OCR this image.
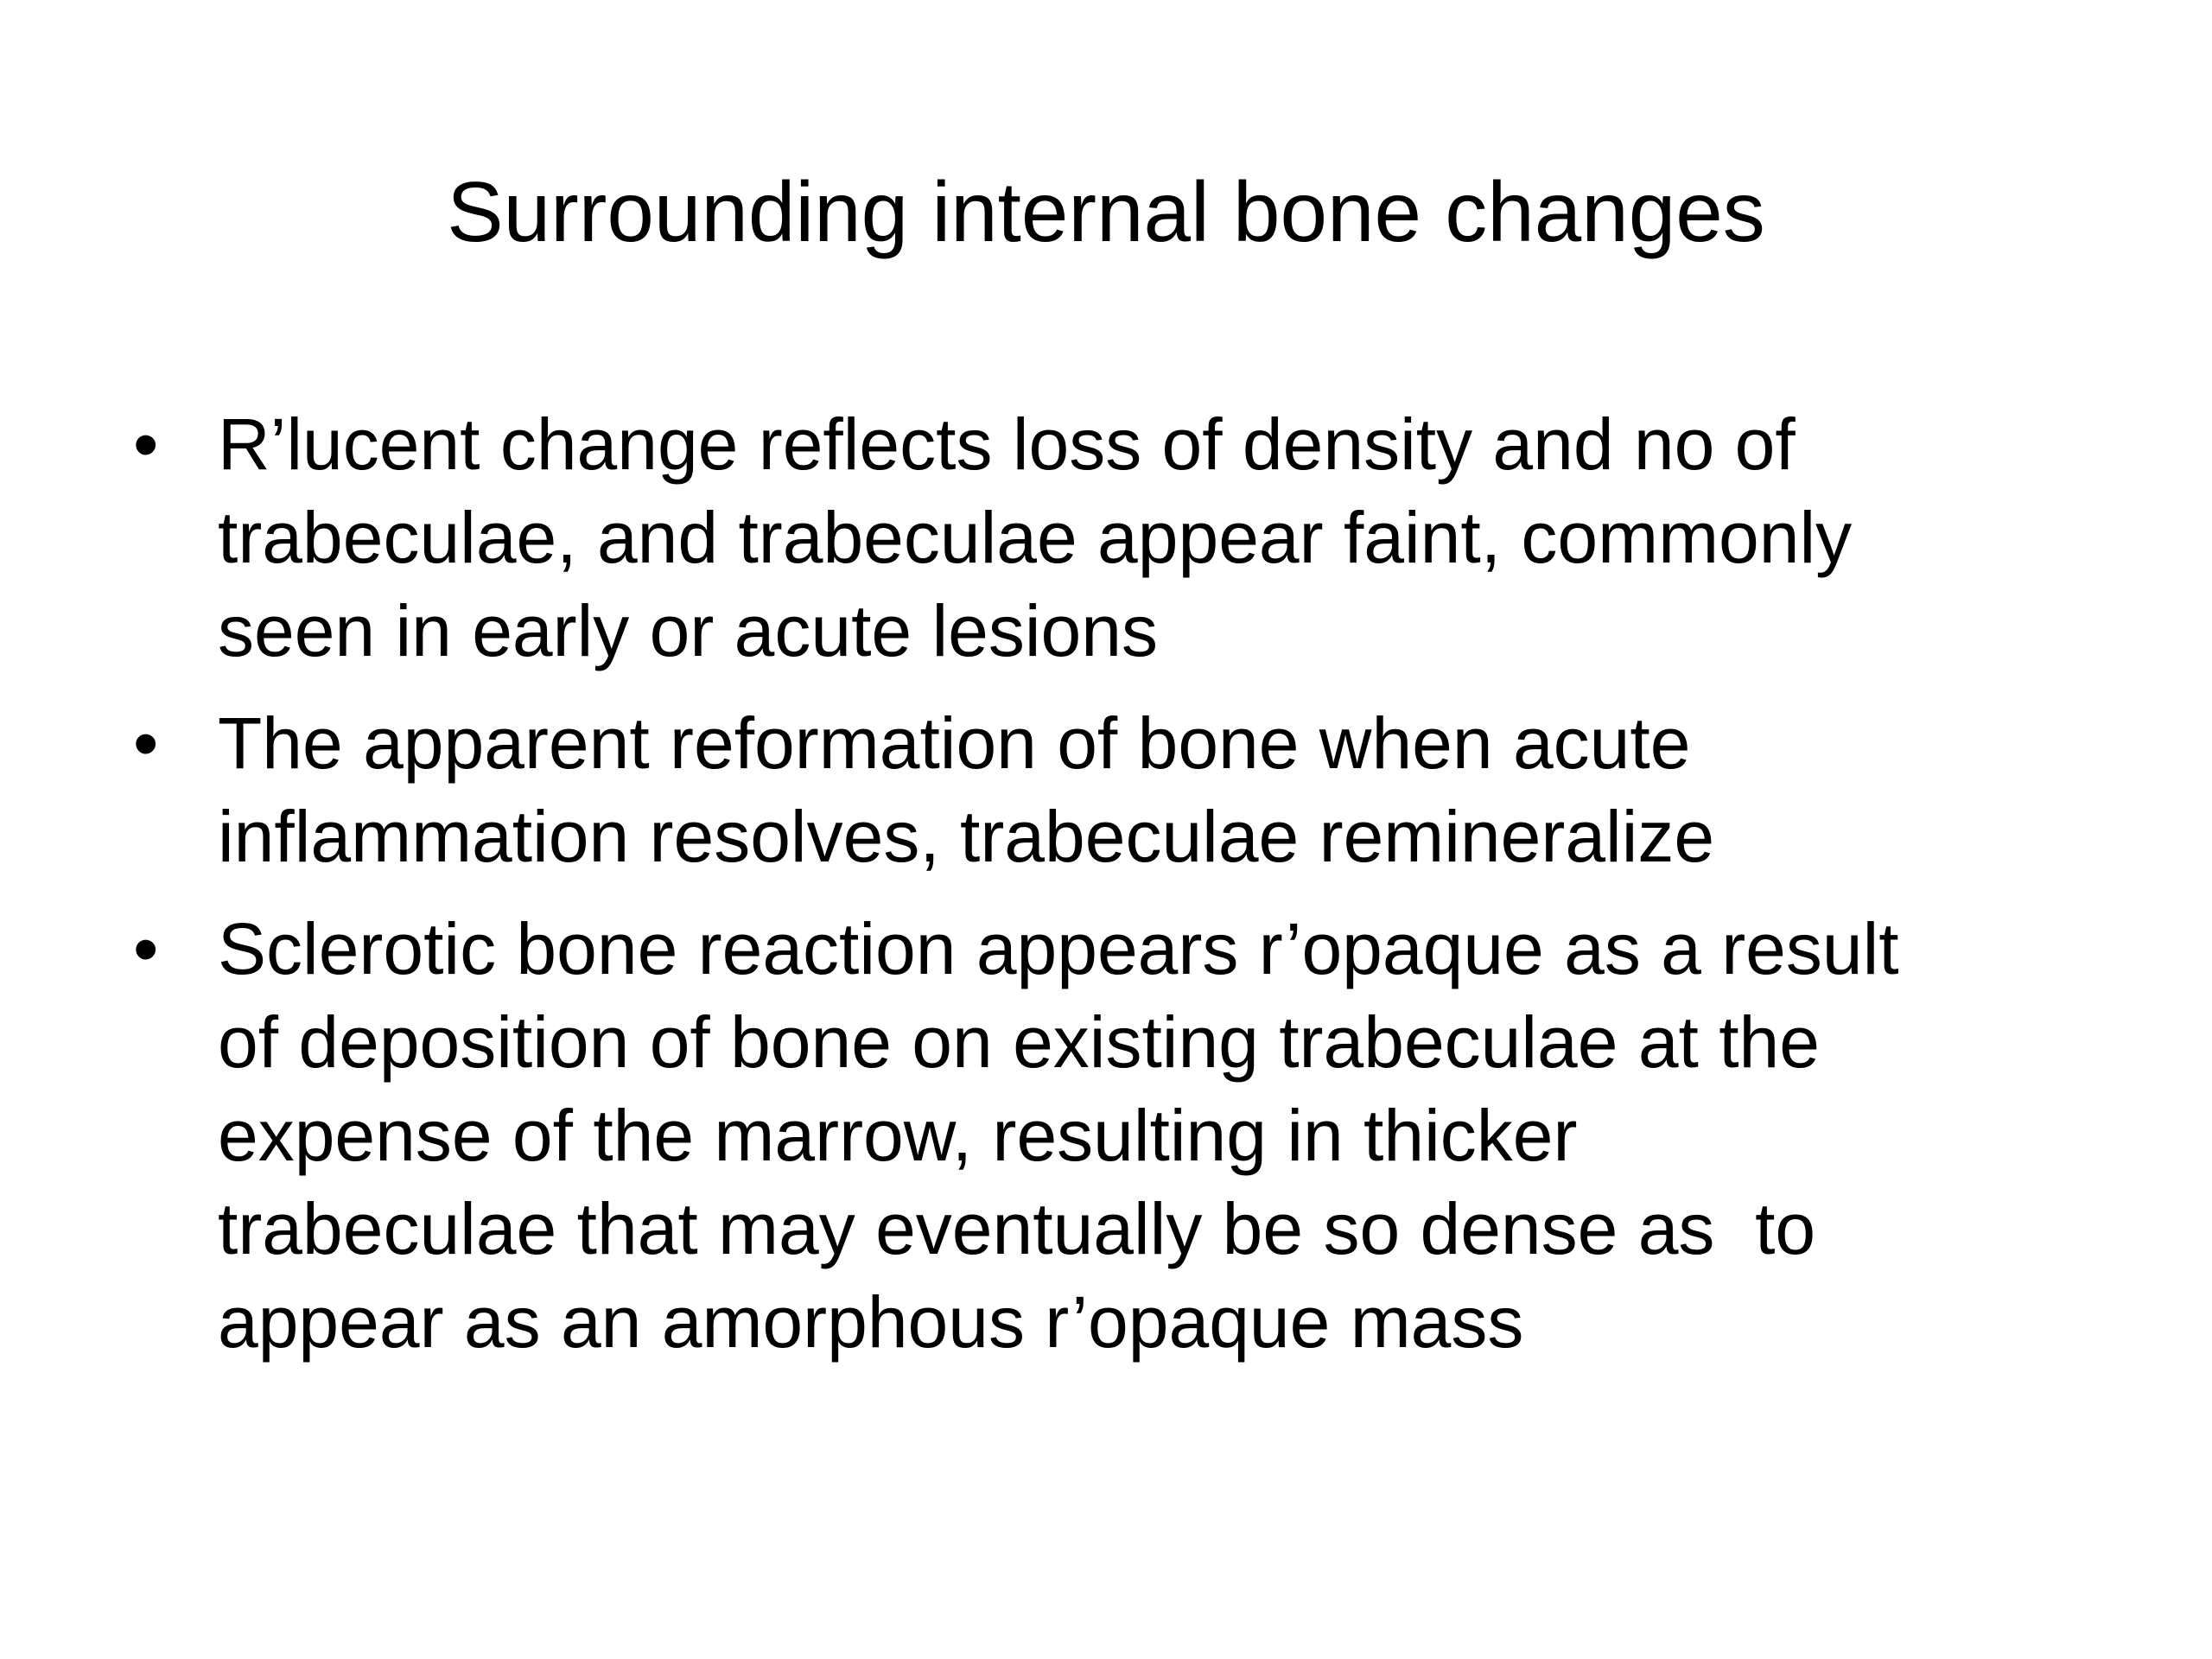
Surrounding internal bone changes
• R’lucent change reflects loss of density and no of
trabeculae, and trabeculae appear faint, commonly
seen in early or acute lesions
• The apparent reformation of bone when acute
inflammation resolves, trabeculae remineralize
• Sclerotic bone reaction appears r’opaque as a result
of deposition of bone on existing trabeculae at the
expense of the marrow, resulting in thicker
trabeculae that may eventually be so dense as  to
appear as an amorphous r’opaque mass
